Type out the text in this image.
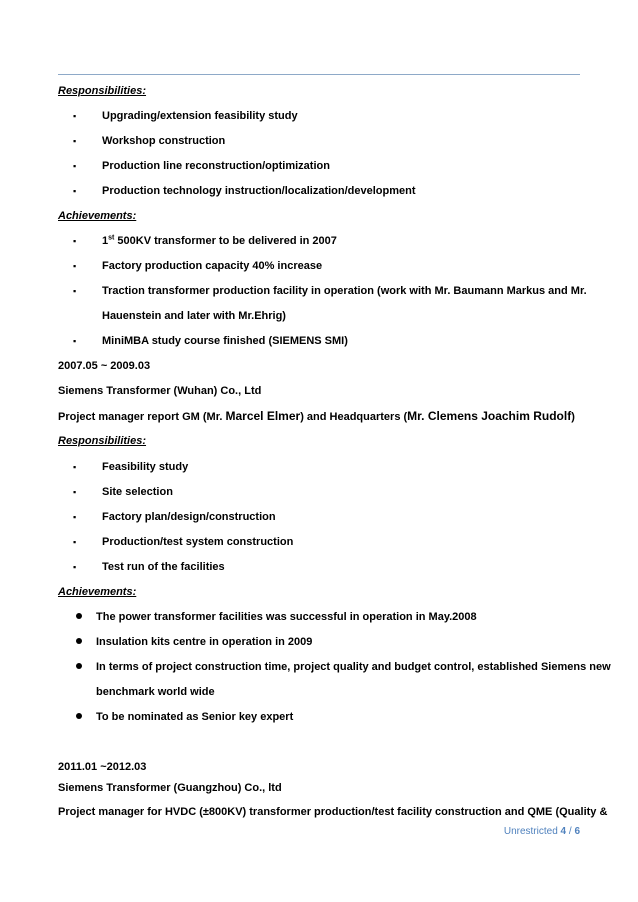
Responsibilities:
▪ Upgrading/extension feasibility study
▪ Workshop construction
▪ Production line reconstruction/optimization
▪ Production technology instruction/localization/development
Achievements:
▪ 1st 500KV transformer to be delivered in 2007
▪ Factory production capacity 40% increase
▪ Traction transformer production facility in operation (work with Mr. Baumann Markus and Mr.
Hauenstein and later with Mr.Ehrig)
▪ MiniMBA study course finished (SIEMENS SMI)
2007.05 ~ 2009.03
Siemens Transformer (Wuhan) Co., Ltd
Project manager report GM (Mr. Marcel Elmer) and Headquarters (Mr. Clemens Joachim Rudolf)
Responsibilities:
▪ Feasibility study
▪ Site selection
▪ Factory plan/design/construction
▪ Production/test system construction
▪ Test run of the facilities
Achievements:
The power transformer facilities was successful in operation in May.2008
Insulation kits centre in operation in 2009
In terms of project construction time, project quality and budget control, established Siemens new
benchmark world wide
To be nominated as Senior key expert
2011.01 ~2012.03
Siemens Transformer (Guangzhou) Co., ltd
Project manager for HVDC (±800KV) transformer production/test facility construction and QME (Quality &
Unrestricted 4 / 6
